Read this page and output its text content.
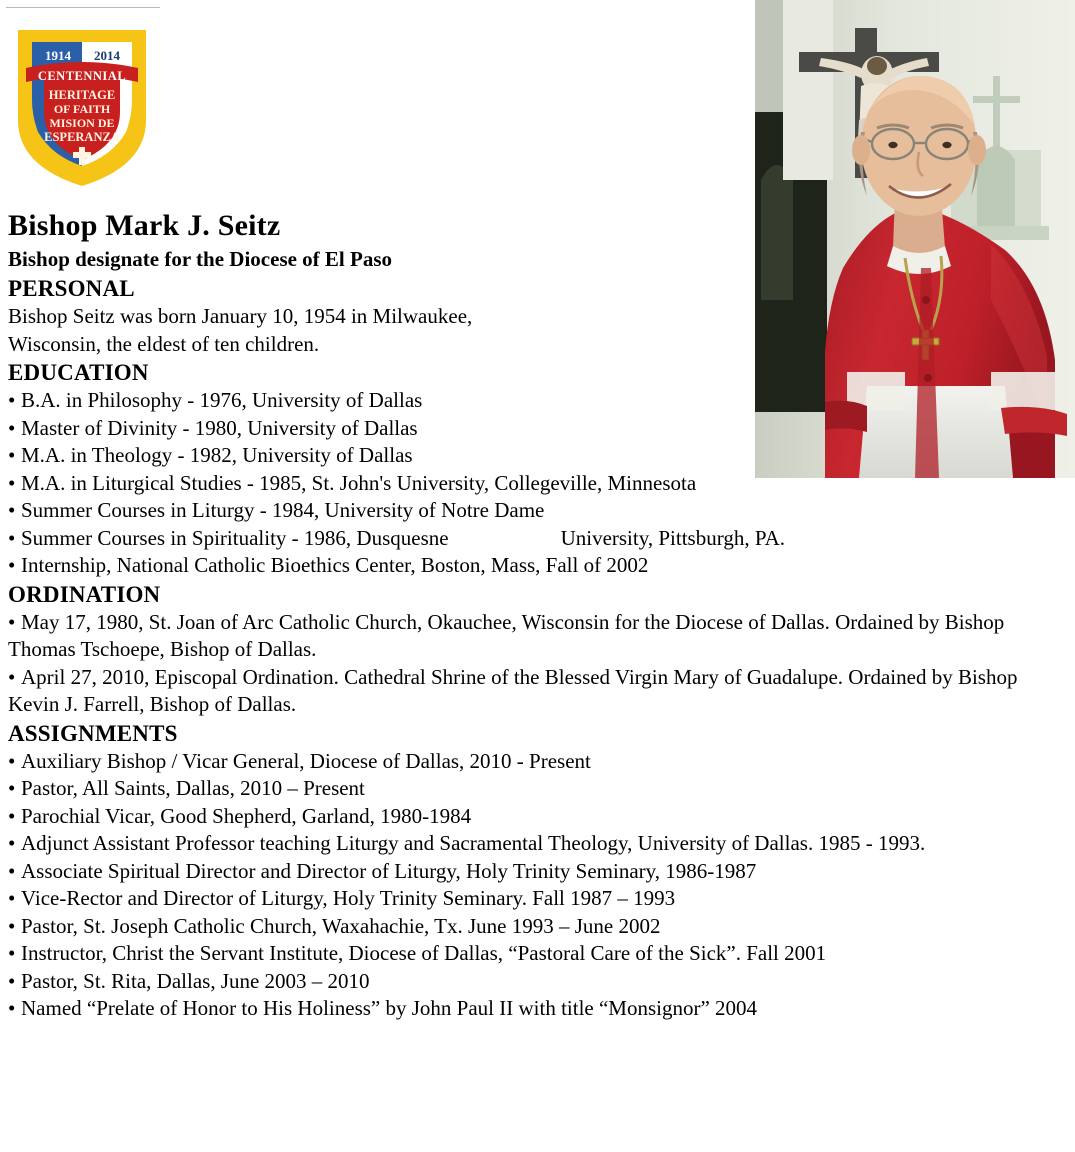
1914 2014
CENTENNIAL
HERITAGE
OF FAITH
MISION DE
ESPERANZA
Bishop Mark J. Seitz
Bishop designate for the Diocese of El Paso
PERSONAL

Bishop Seitz was born January 10, 1954 in Milwaukee,
Wisconsin, the eldest of ten children.

EDUCATION
• B.A. in Philosophy - 1976, University of Dallas
• Master of Divinity - 1980, University of Dallas
• M.A. in Theology - 1982, University of Dallas
• M.A. in Liturgical Studies - 1985, St. John's University, Collegeville, Minnesota
• Summer Courses in Liturgy - 1984, University of Notre Dame
• Summer Courses in Spirituality - 1986, Dusquesne	University, Pittsburgh, PA.
• Internship, National Catholic Bioethics Center, Boston, Mass, Fall of 2002
ORDINATION
• May 17, 1980, St. Joan of Arc Catholic Church, Okauchee, Wisconsin for the Diocese of Dallas. Ordained by Bishop Thomas Tschoepe, Bishop of Dallas.
• April 27, 2010, Episcopal Ordination. Cathedral Shrine of the Blessed Virgin Mary of Guadalupe. Ordained by Bishop Kevin J. Farrell, Bishop of Dallas.
ASSIGNMENTS
• Auxiliary Bishop / Vicar General, Diocese of Dallas, 2010 - Present
• Pastor, All Saints, Dallas, 2010 – Present
• Parochial Vicar, Good Shepherd, Garland, 1980-1984
• Adjunct Assistant Professor teaching Liturgy and Sacramental Theology, University of Dallas. 1985 - 1993.
• Associate Spiritual Director and Director of Liturgy, Holy Trinity Seminary, 1986-1987
• Vice-Rector and Director of Liturgy, Holy Trinity Seminary. Fall 1987 – 1993
• Pastor, St. Joseph Catholic Church, Waxahachie, Tx. June 1993 – June 2002
• Instructor, Christ the Servant Institute, Diocese of Dallas, “Pastoral Care of the Sick”. Fall 2001
• Pastor, St. Rita, Dallas, June 2003 – 2010
• Named “Prelate of Honor to His Holiness” by John Paul II with title “Monsignor” 2004
